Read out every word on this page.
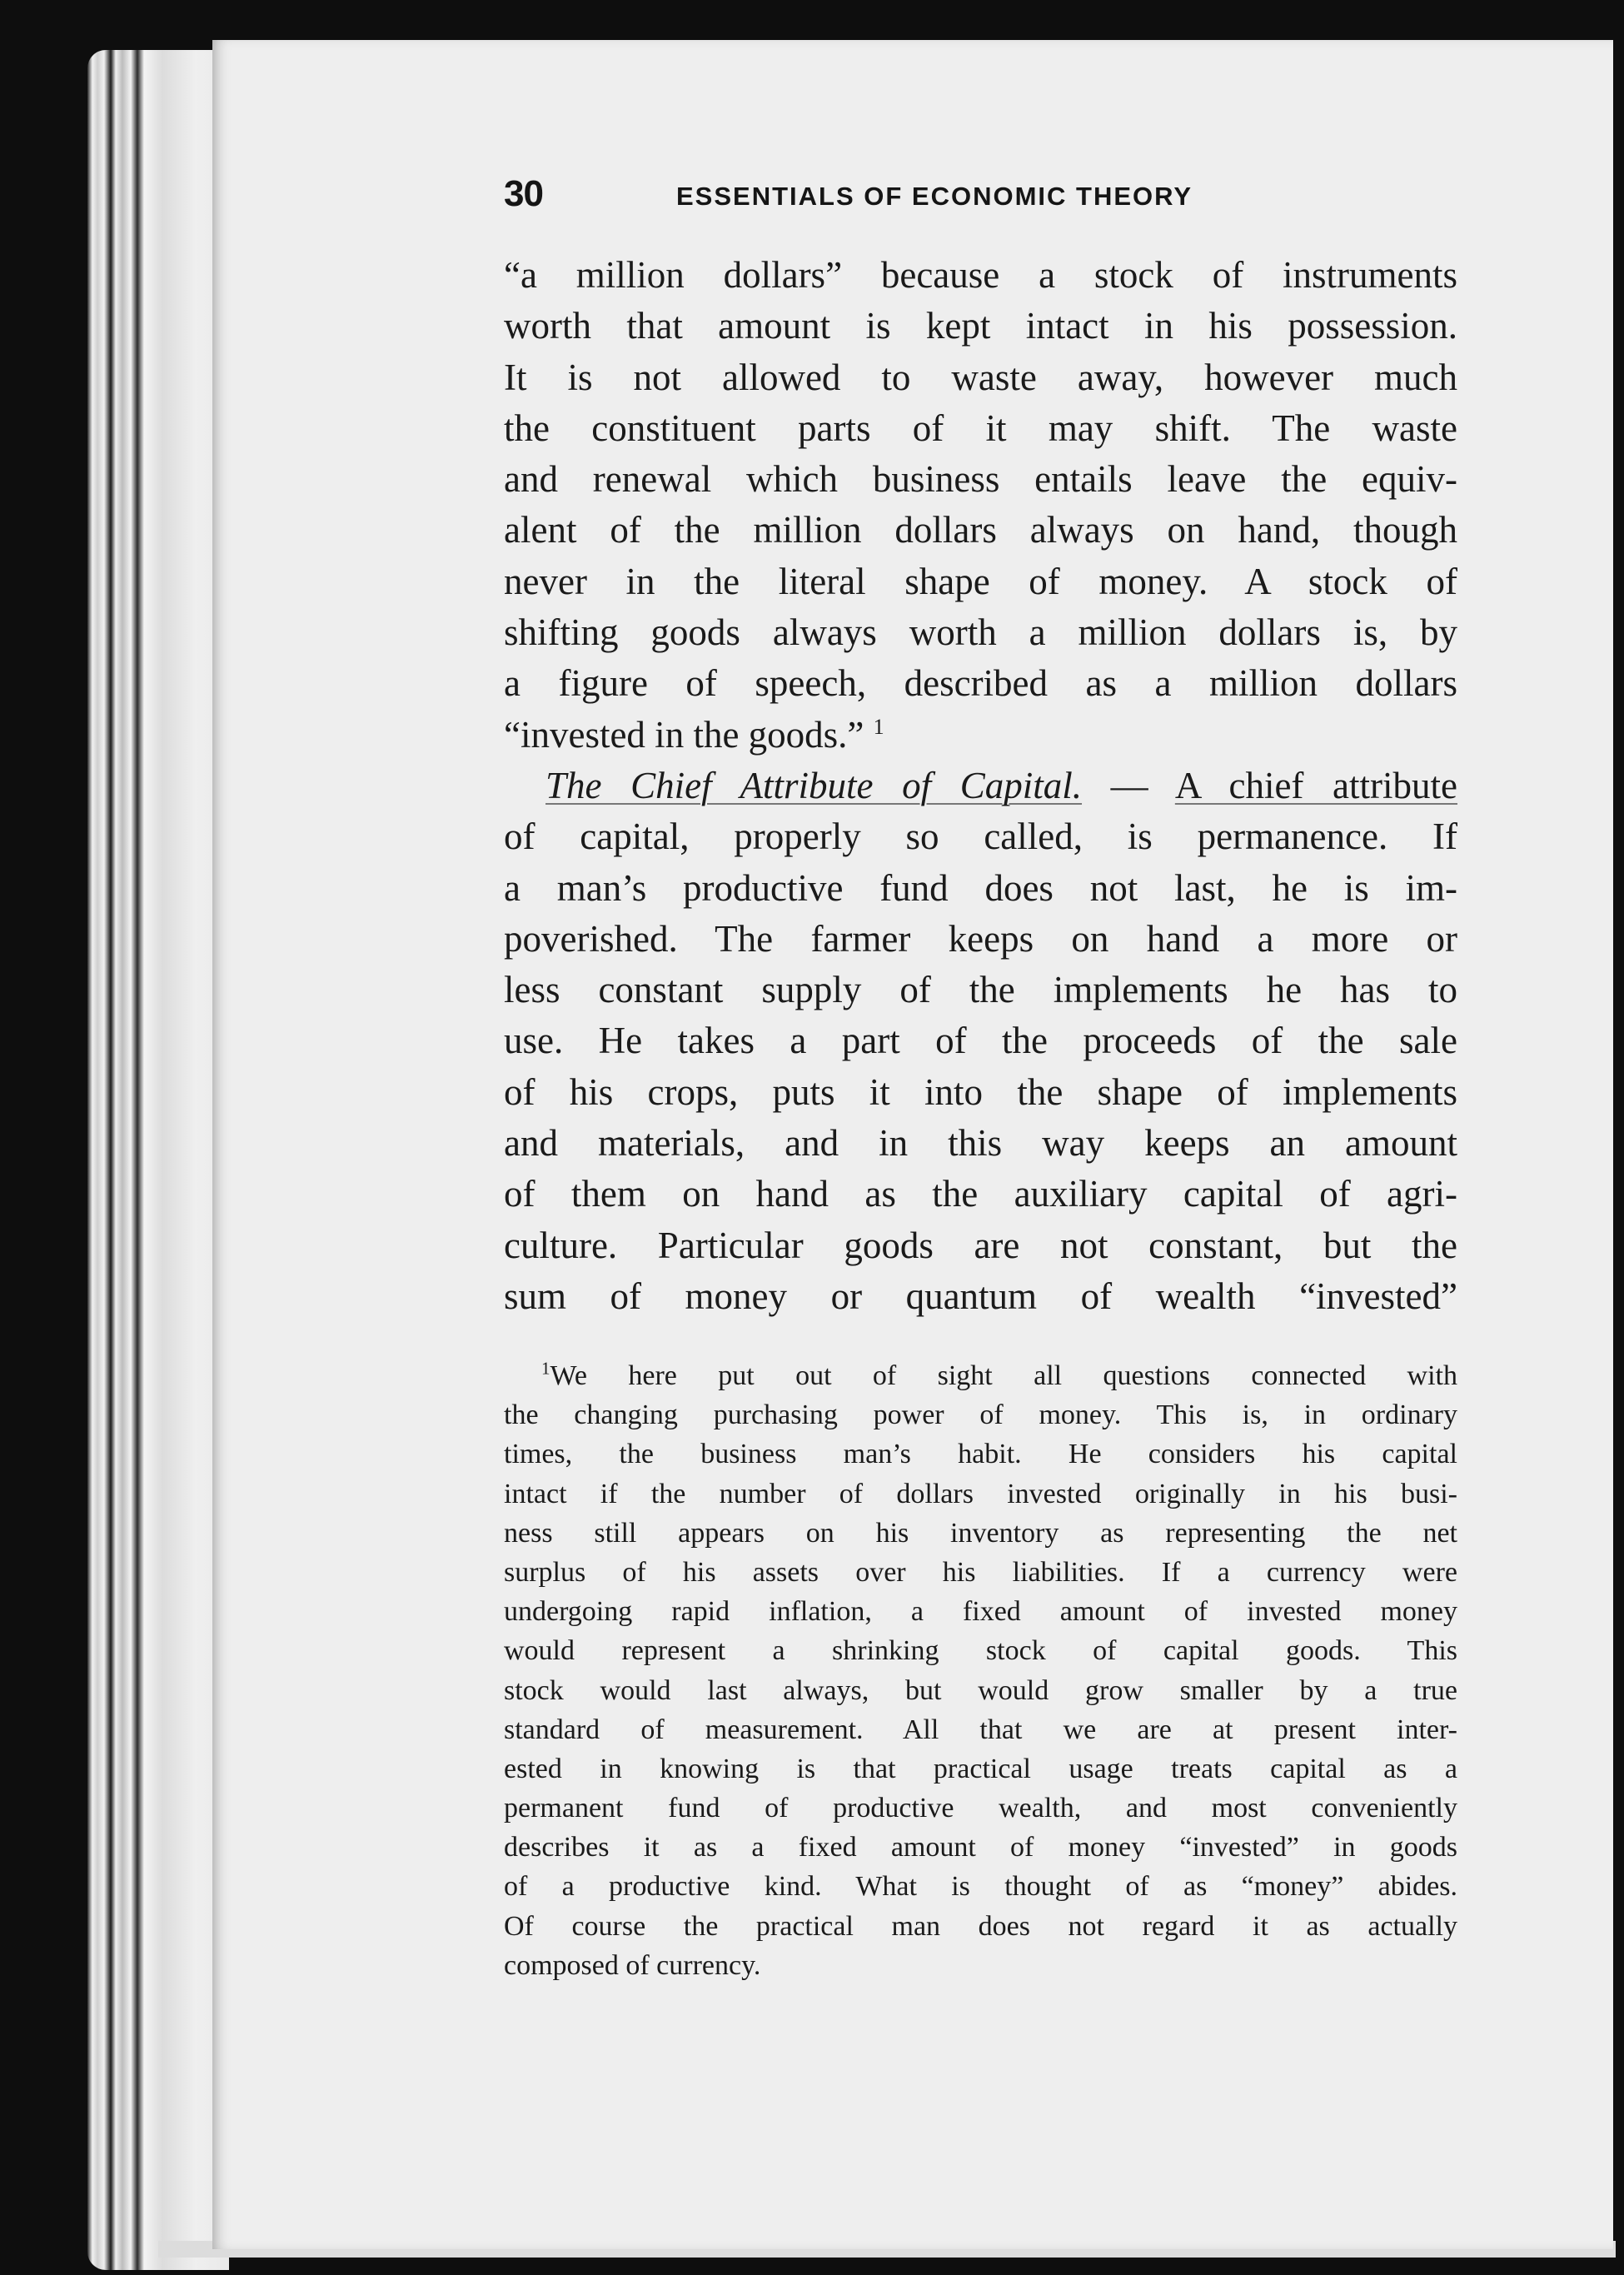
30	ESSENTIALS OF ECONOMIC THEORY
“a million dollars” because a stock of instruments
worth that amount is kept intact in his possession.
It is not allowed to waste away, however much
the constituent parts of it may shift. The waste
and renewal which business entails leave the equiv-
alent of the million dollars always on hand, though
never in the literal shape of money. A stock of
shifting goods always worth a million dollars is, by
a figure of speech, described as a million dollars
“invested in the goods.” $^1$
The Chief Attribute of Capital. — A chief attribute
of capital, properly so called, is permanence. If
a man’s productive fund does not last, he is im-
poverished. The farmer keeps on hand a more or
less constant supply of the implements he has to
use. He takes a part of the proceeds of the sale
of his crops, puts it into the shape of implements
and materials, and in this way keeps an amount
of them on hand as the auxiliary capital of agri-
culture. Particular goods are not constant, but the
sum of money or quantum of wealth “invested”
$^1$We here put out of sight all questions connected with
the changing purchasing power of money. This is, in ordinary
times, the business man’s habit. He considers his capital
intact if the number of dollars invested originally in his busi-
ness still appears on his inventory as representing the net
surplus of his assets over his liabilities. If a currency were
undergoing rapid inflation, a fixed amount of invested money
would represent a shrinking stock of capital goods. This
stock would last always, but would grow smaller by a true
standard of measurement. All that we are at present inter-
ested in knowing is that practical usage treats capital as a
permanent fund of productive wealth, and most conveniently
describes it as a fixed amount of money “invested” in goods
of a productive kind. What is thought of as “money” abides.
Of course the practical man does not regard it as actually
composed of currency.
